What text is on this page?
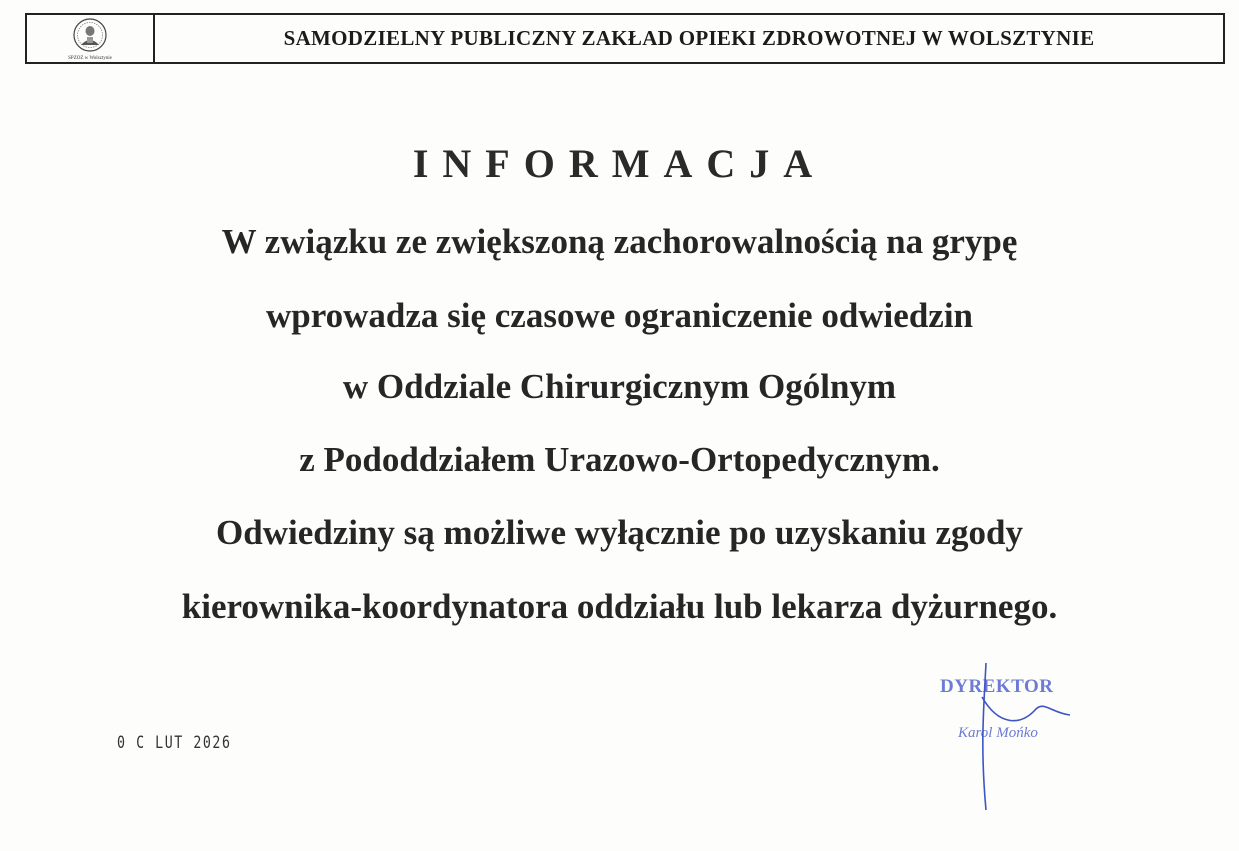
SPZOZ w Wolsztynie
SAMODZIELNY PUBLICZNY ZAKŁAD OPIEKI ZDROWOTNEJ W WOLSZTYNIE
INFORMACJA
W związku ze zwiększoną zachorowalnością na grypę
wprowadza się czasowe ograniczenie odwiedzin
w Oddziale Chirurgicznym Ogólnym
z Pododdziałem Urazowo-Ortopedycznym.
Odwiedziny są możliwe wyłącznie po uzyskaniu zgody
kierownika-koordynatora oddziału lub lekarza dyżurnego.
0 C LUT 2026
DYREKTOR
Karol Mońko
